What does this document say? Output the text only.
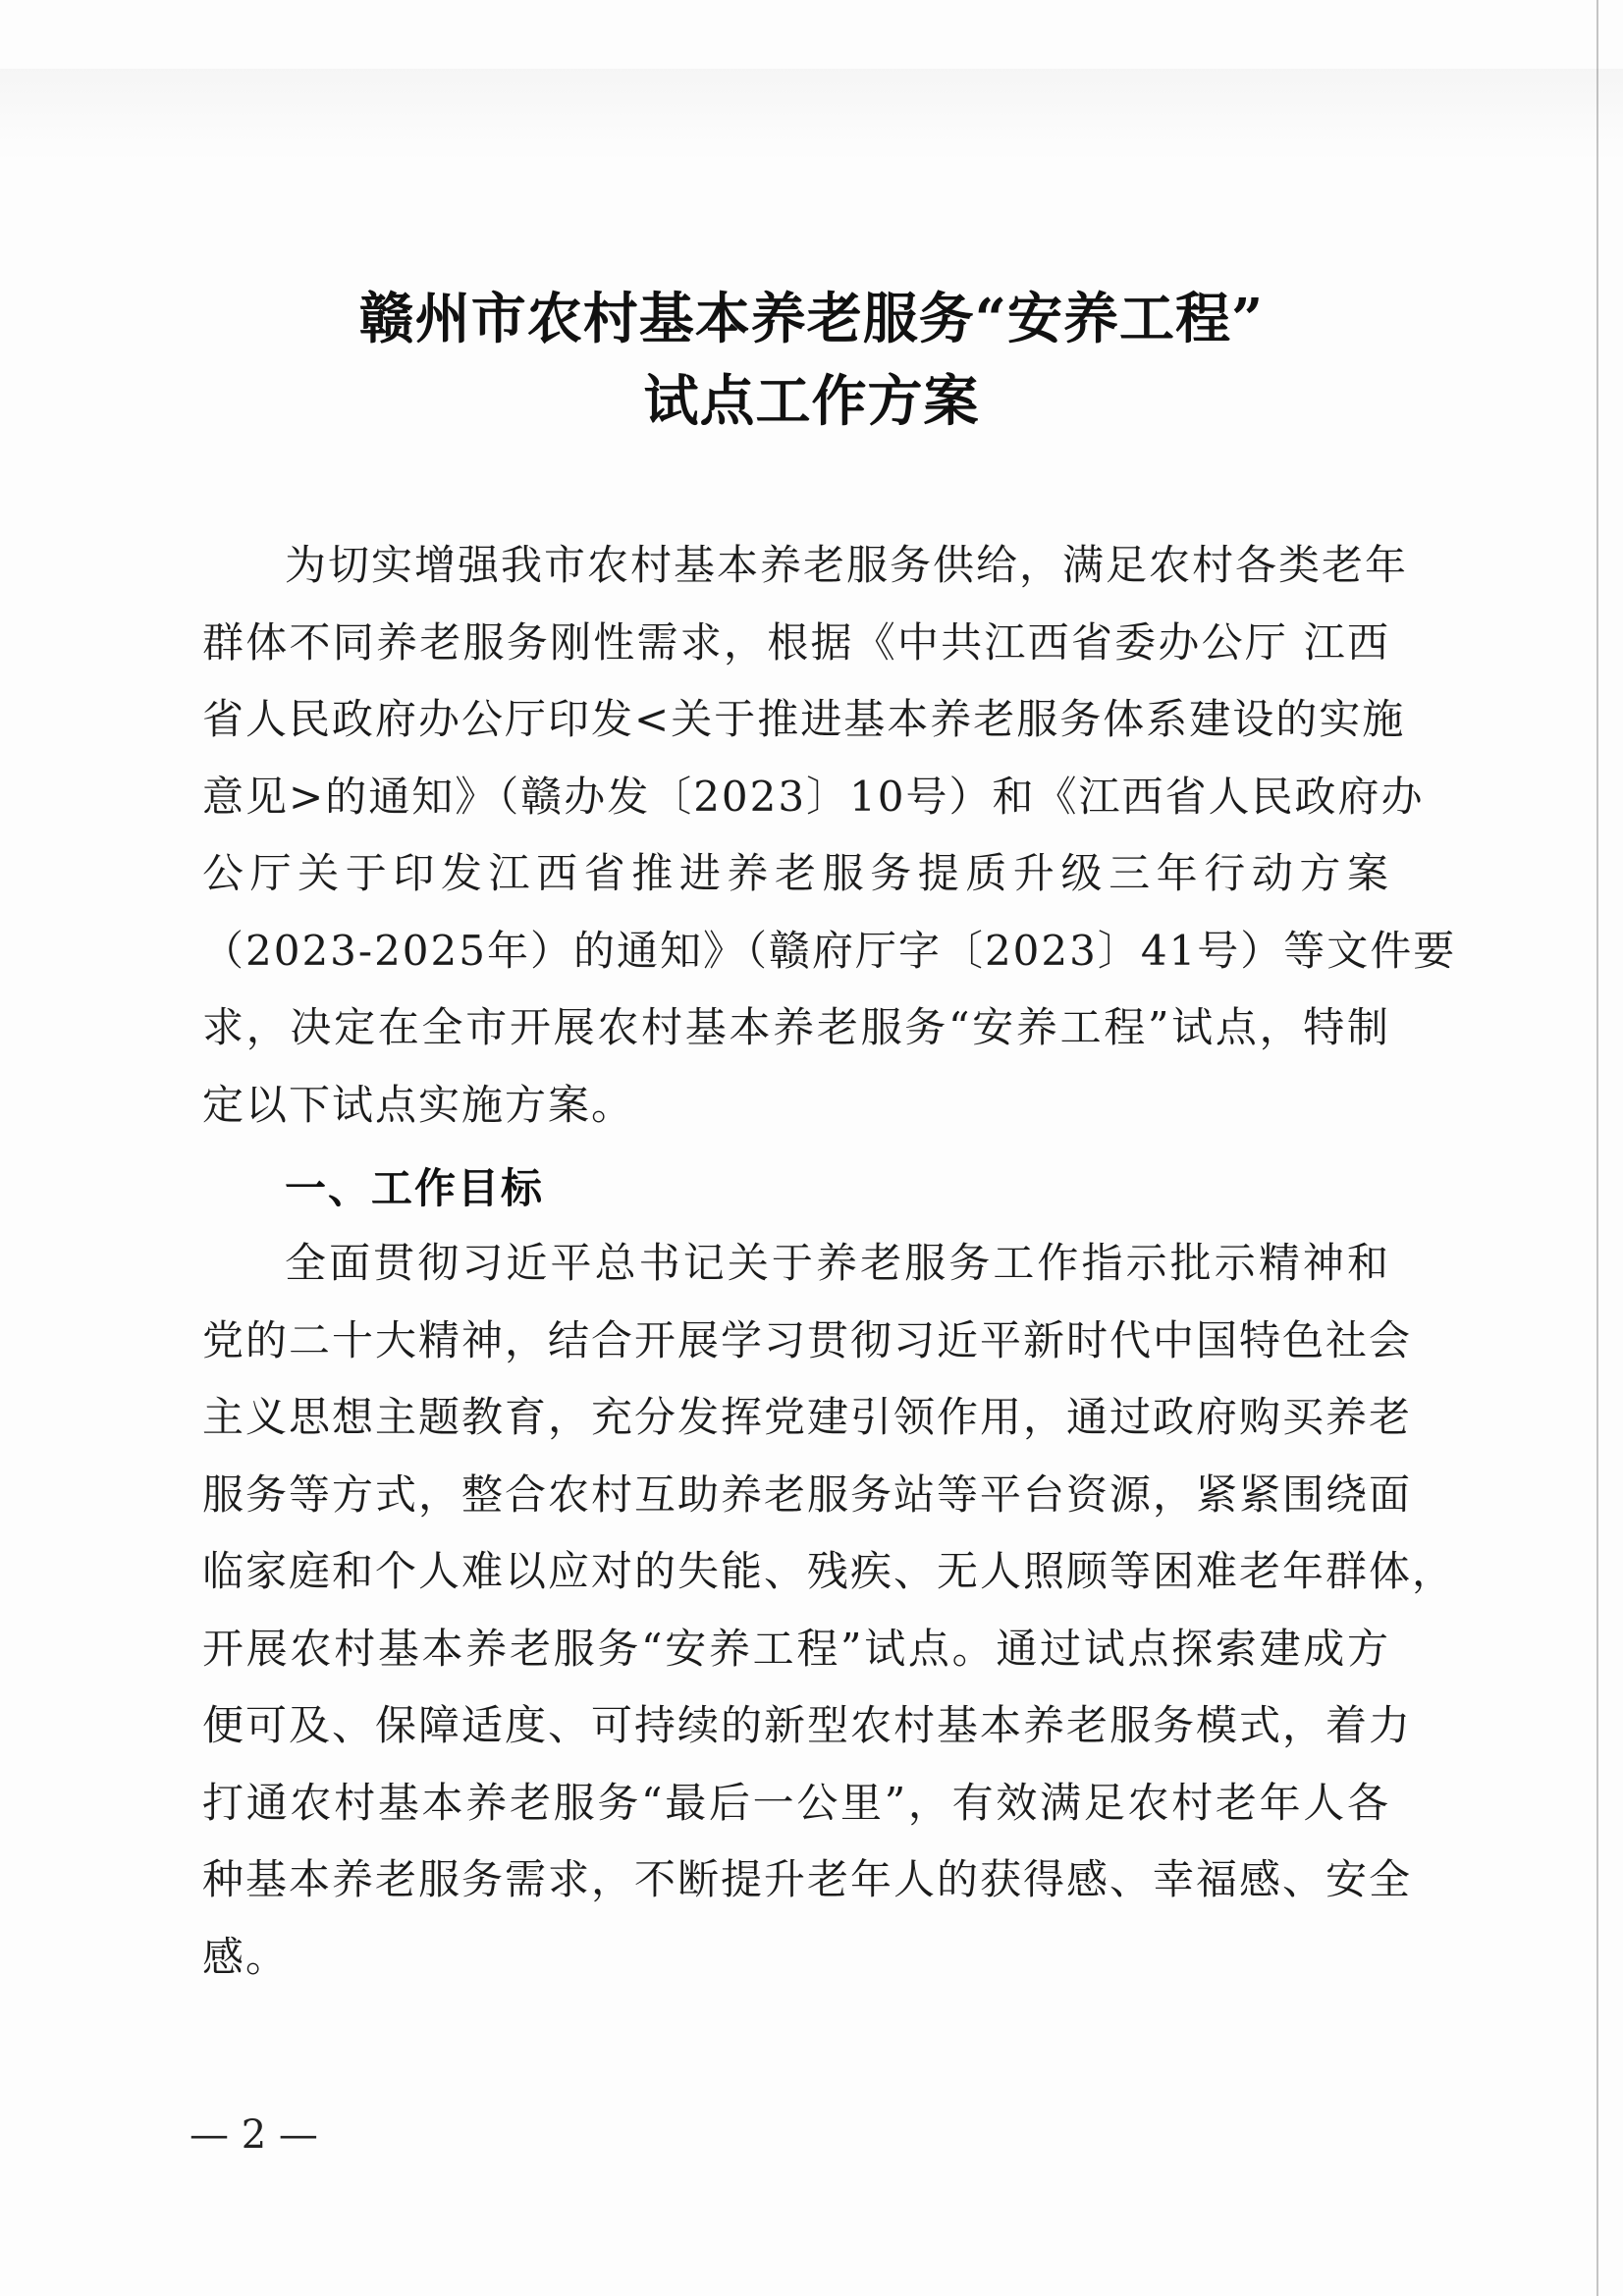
赣州市农村基本养老服务“安养工程”
试点工作方案
为切实增强我市农村基本养老服务供给，满足农村各类老年
群体不同养老服务刚性需求，根据《中共江西省委办公厅 江西
省人民政府办公厅印发<关于推进基本养老服务体系建设的实施
意见>的通知》（赣办发〔2023〕10号）和《江西省人民政府办
公厅关于印发江西省推进养老服务提质升级三年行动方案
（2023-2025年）的通知》（赣府厅字〔2023〕41号）等文件要
求，决定在全市开展农村基本养老服务“安养工程”试点，特制
定以下试点实施方案。
一、工作目标
全面贯彻习近平总书记关于养老服务工作指示批示精神和
党的二十大精神，结合开展学习贯彻习近平新时代中国特色社会
主义思想主题教育，充分发挥党建引领作用，通过政府购买养老
服务等方式，整合农村互助养老服务站等平台资源，紧紧围绕面
临家庭和个人难以应对的失能、残疾、无人照顾等困难老年群体，
开展农村基本养老服务“安养工程”试点。通过试点探索建成方
便可及、保障适度、可持续的新型农村基本养老服务模式，着力
打通农村基本养老服务“最后一公里”，有效满足农村老年人各
种基本养老服务需求，不断提升老年人的获得感、幸福感、安全
感。
— 2 —
